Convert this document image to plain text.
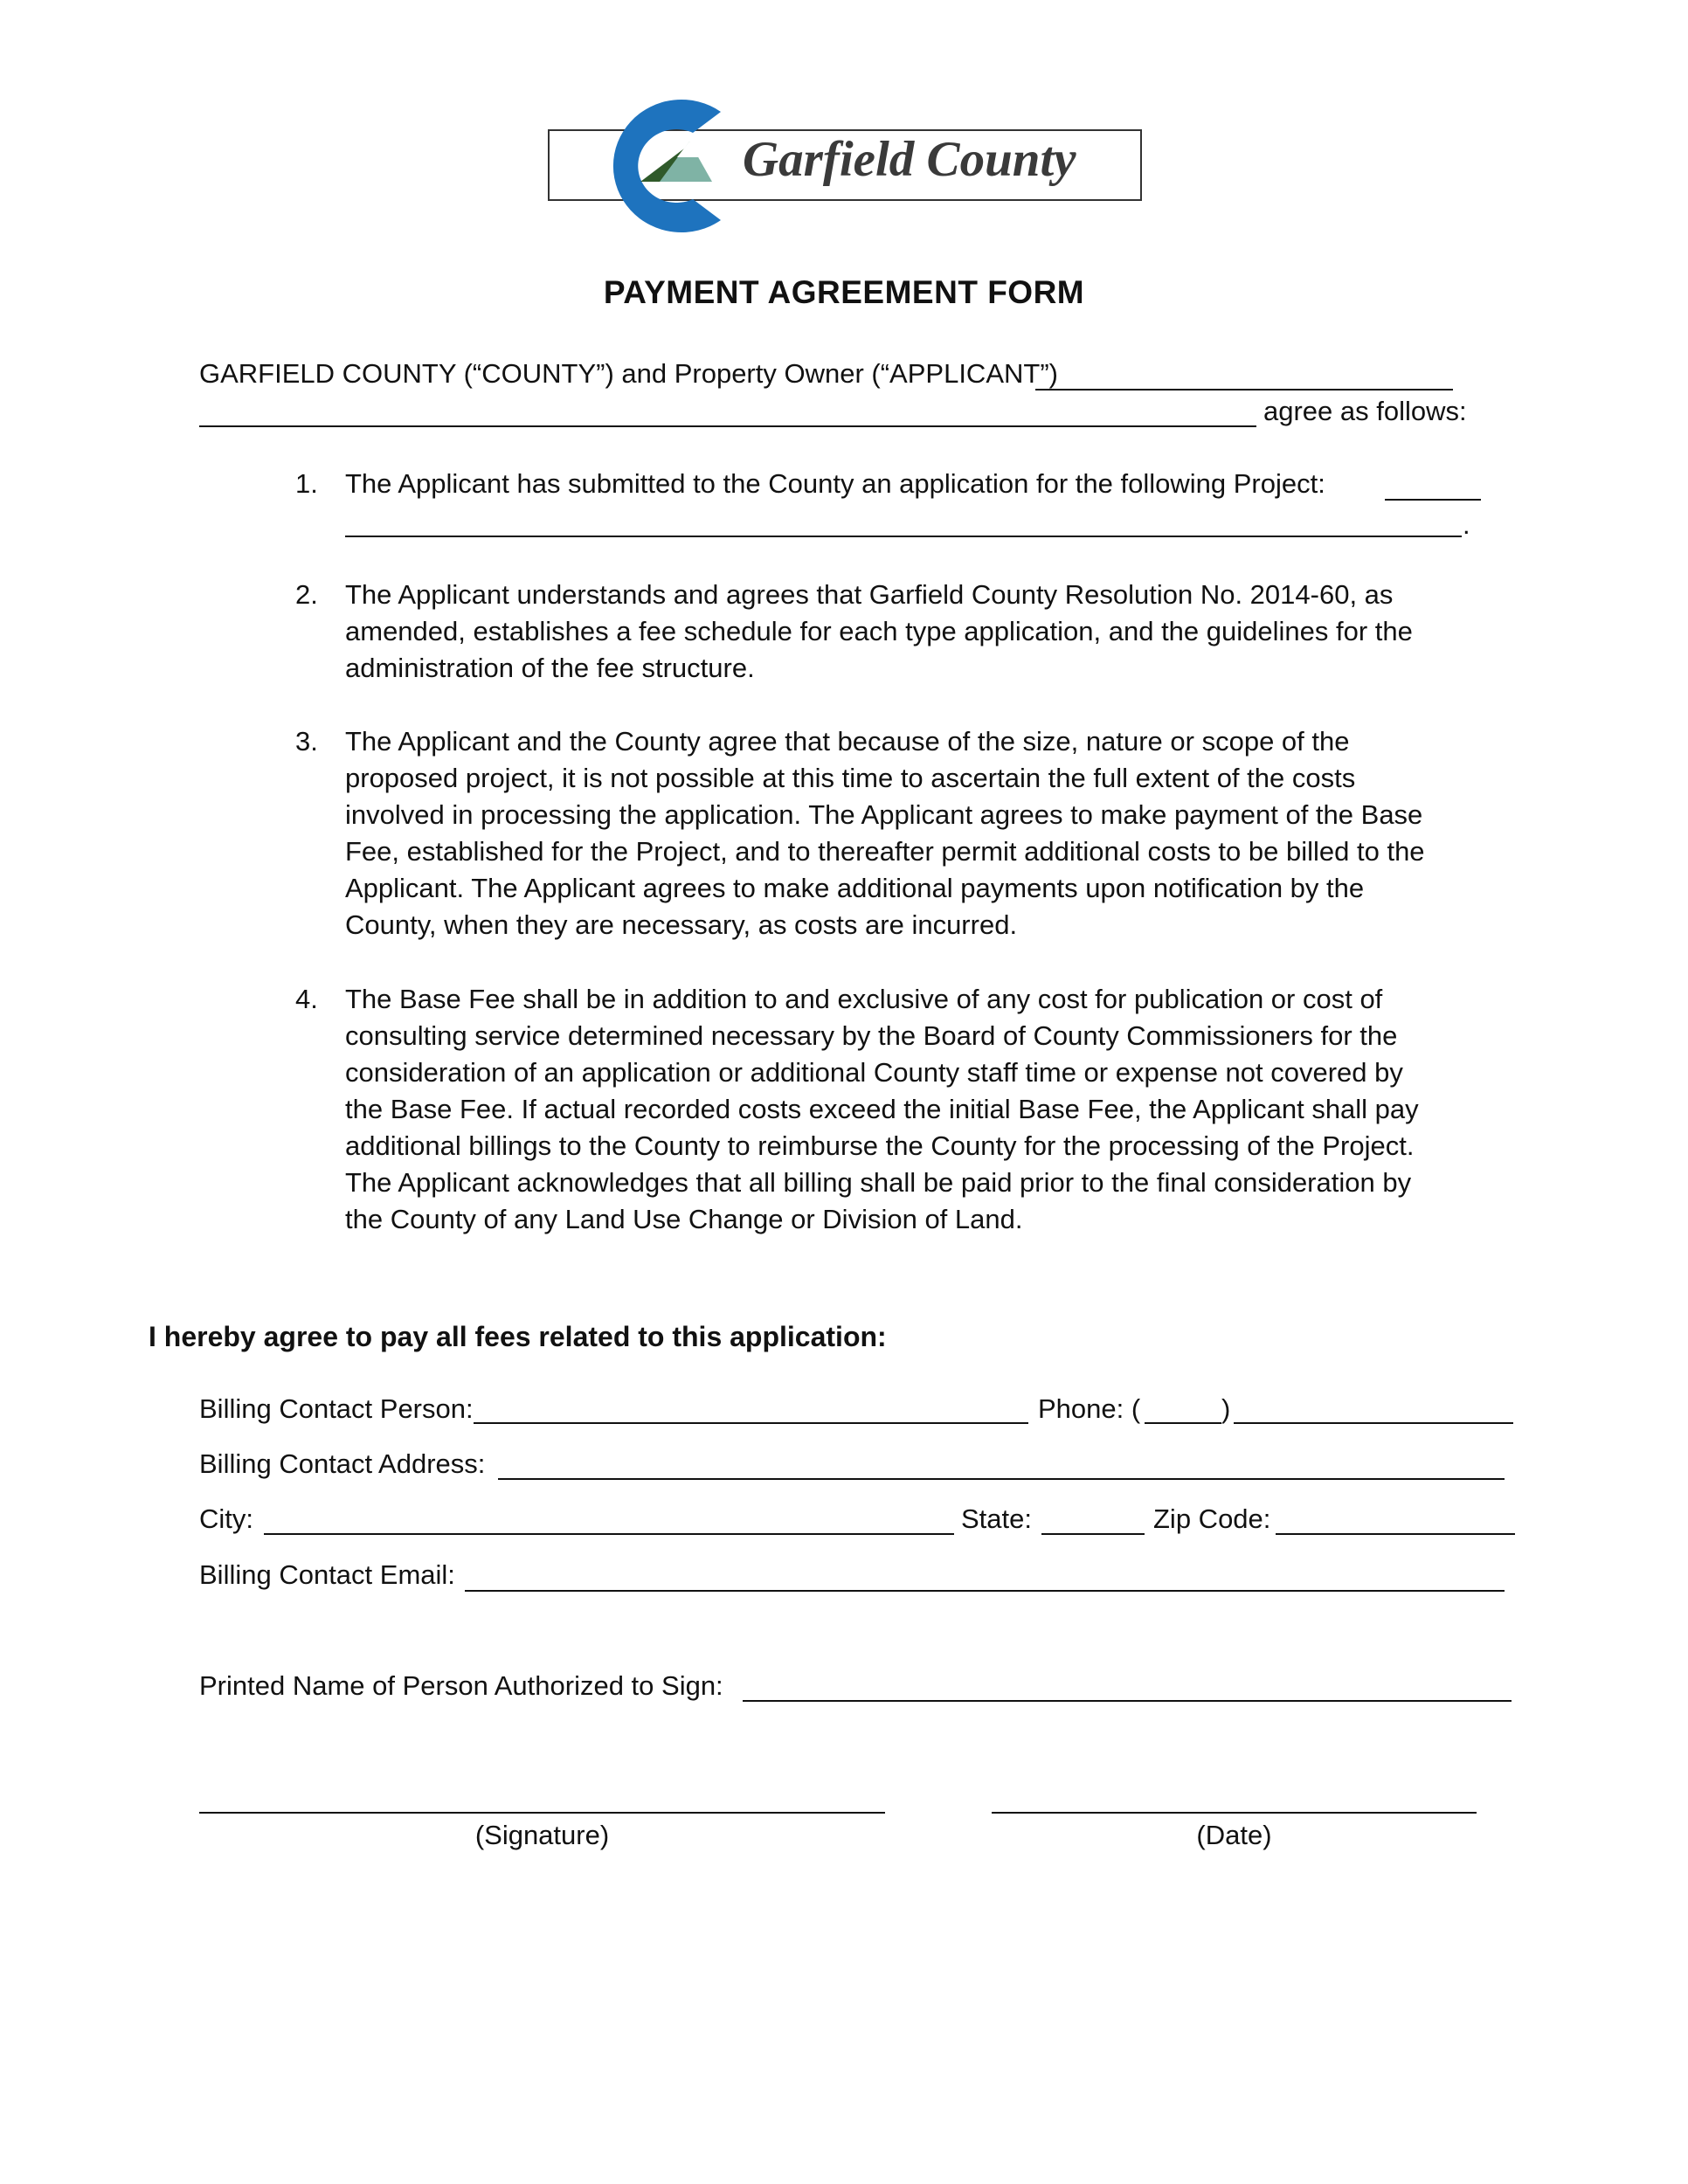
Garfield County
PAYMENT AGREEMENT FORM
GARFIELD COUNTY (“COUNTY”) and Property Owner (“APPLICANT”)
agree as follows:
1. The Applicant has submitted to the County an application for the following Project:
.
2. The Applicant understands and agrees that Garfield County Resolution No. 2014-60, as
amended, establishes a fee schedule for each type application, and the guidelines for the
administration of the fee structure.
3. The Applicant and the County agree that because of the size, nature or scope of the
proposed project, it is not possible at this time to ascertain the full extent of the costs
involved in processing the application. The Applicant agrees to make payment of the Base
Fee, established for the Project, and to thereafter permit additional costs to be billed to the
Applicant. The Applicant agrees to make additional payments upon notification by the
County, when they are necessary, as costs are incurred.
4. The Base Fee shall be in addition to and exclusive of any cost for publication or cost of
consulting service determined necessary by the Board of County Commissioners for the
consideration of an application or additional County staff time or expense not covered by
the Base Fee. If actual recorded costs exceed the initial Base Fee, the Applicant shall pay
additional billings to the County to reimburse the County for the processing of the Project.
The Applicant acknowledges that all billing shall be paid prior to the final consideration by
the County of any Land Use Change or Division of Land.
I hereby agree to pay all fees related to this application:
Billing Contact Person:	Phone: (	)
Billing Contact Address:
City:	State:	Zip Code:
Billing Contact Email:
Printed Name of Person Authorized to Sign:
(Signature)	(Date)
